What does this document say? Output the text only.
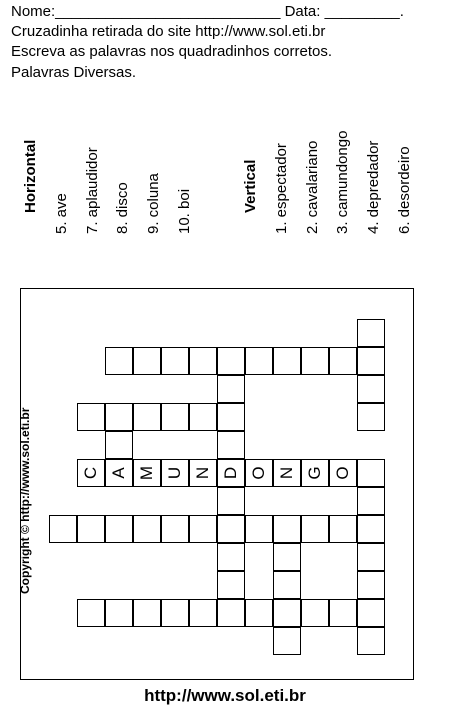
Nome:___________________________ Data: _________.
Cruzadinha retirada do site http://www.sol.eti.br
Escreva as palavras nos quadradinhos corretos.
Palavras Diversas.
Horizontal
5. ave 7. aplaudidor 8. disco 9. coluna 10. boi	Vertical 1. espectador 2. cavalariano 3. camundongo 4. depredador 6. desordeiro
C A M U N D O N G O
Copyright © http://www.sol.eti.br
http://www.sol.eti.br
